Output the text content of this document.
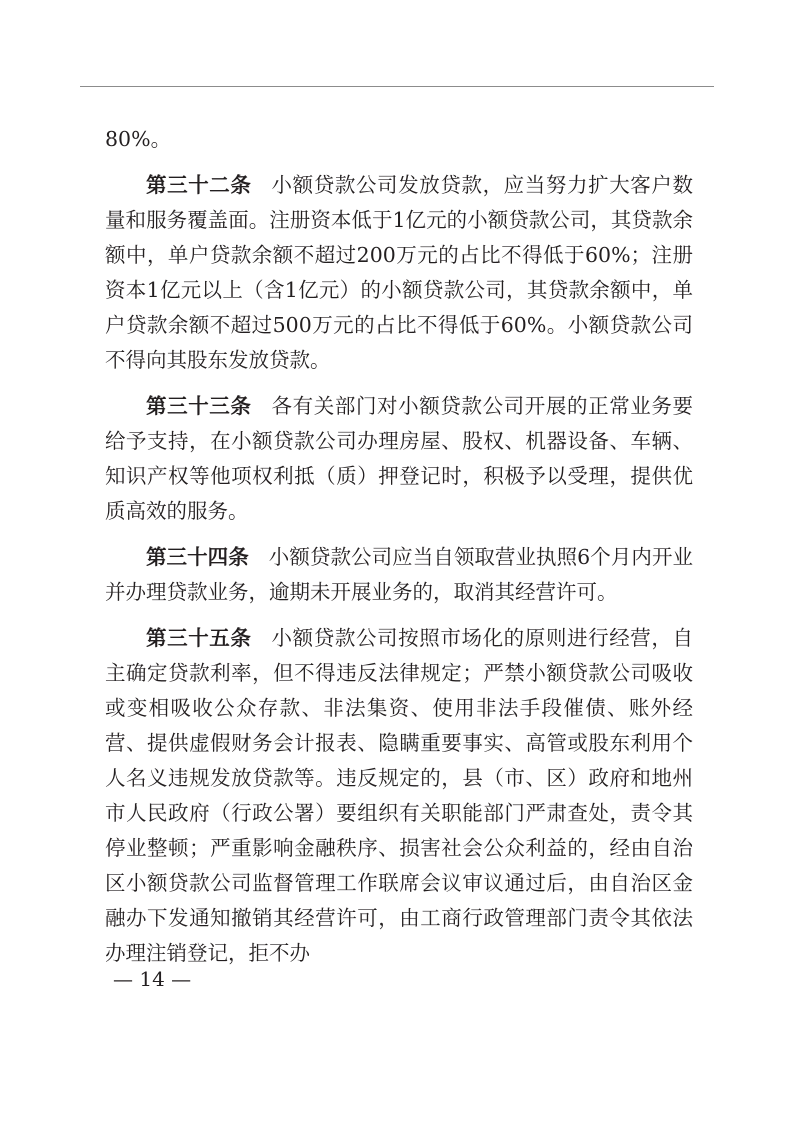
80%。

第三十二条 小额贷款公司发放贷款，应当努力扩大客户数量和服务覆盖面。注册资本低于1亿元的小额贷款公司，其贷款余额中，单户贷款余额不超过200万元的占比不得低于60%；注册资本1亿元以上（含1亿元）的小额贷款公司，其贷款余额中，单户贷款余额不超过500万元的占比不得低于60%。小额贷款公司不得向其股东发放贷款。

第三十三条 各有关部门对小额贷款公司开展的正常业务要给予支持，在小额贷款公司办理房屋、股权、机器设备、车辆、知识产权等他项权利抵（质）押登记时，积极予以受理，提供优质高效的服务。

第三十四条 小额贷款公司应当自领取营业执照6个月内开业并办理贷款业务，逾期未开展业务的，取消其经营许可。

第三十五条 小额贷款公司按照市场化的原则进行经营，自主确定贷款利率，但不得违反法律规定；严禁小额贷款公司吸收或变相吸收公众存款、非法集资、使用非法手段催债、账外经营、提供虚假财务会计报表、隐瞒重要事实、高管或股东利用个人名义违规发放贷款等。违反规定的，县（市、区）政府和地州市人民政府（行政公署）要组织有关职能部门严肃查处，责令其停业整顿；严重影响金融秩序、损害社会公众利益的，经由自治区小额贷款公司监督管理工作联席会议审议通过后，由自治区金融办下发通知撤销其经营许可，由工商行政管理部门责令其依法办理注销登记，拒不办

— 14 —
